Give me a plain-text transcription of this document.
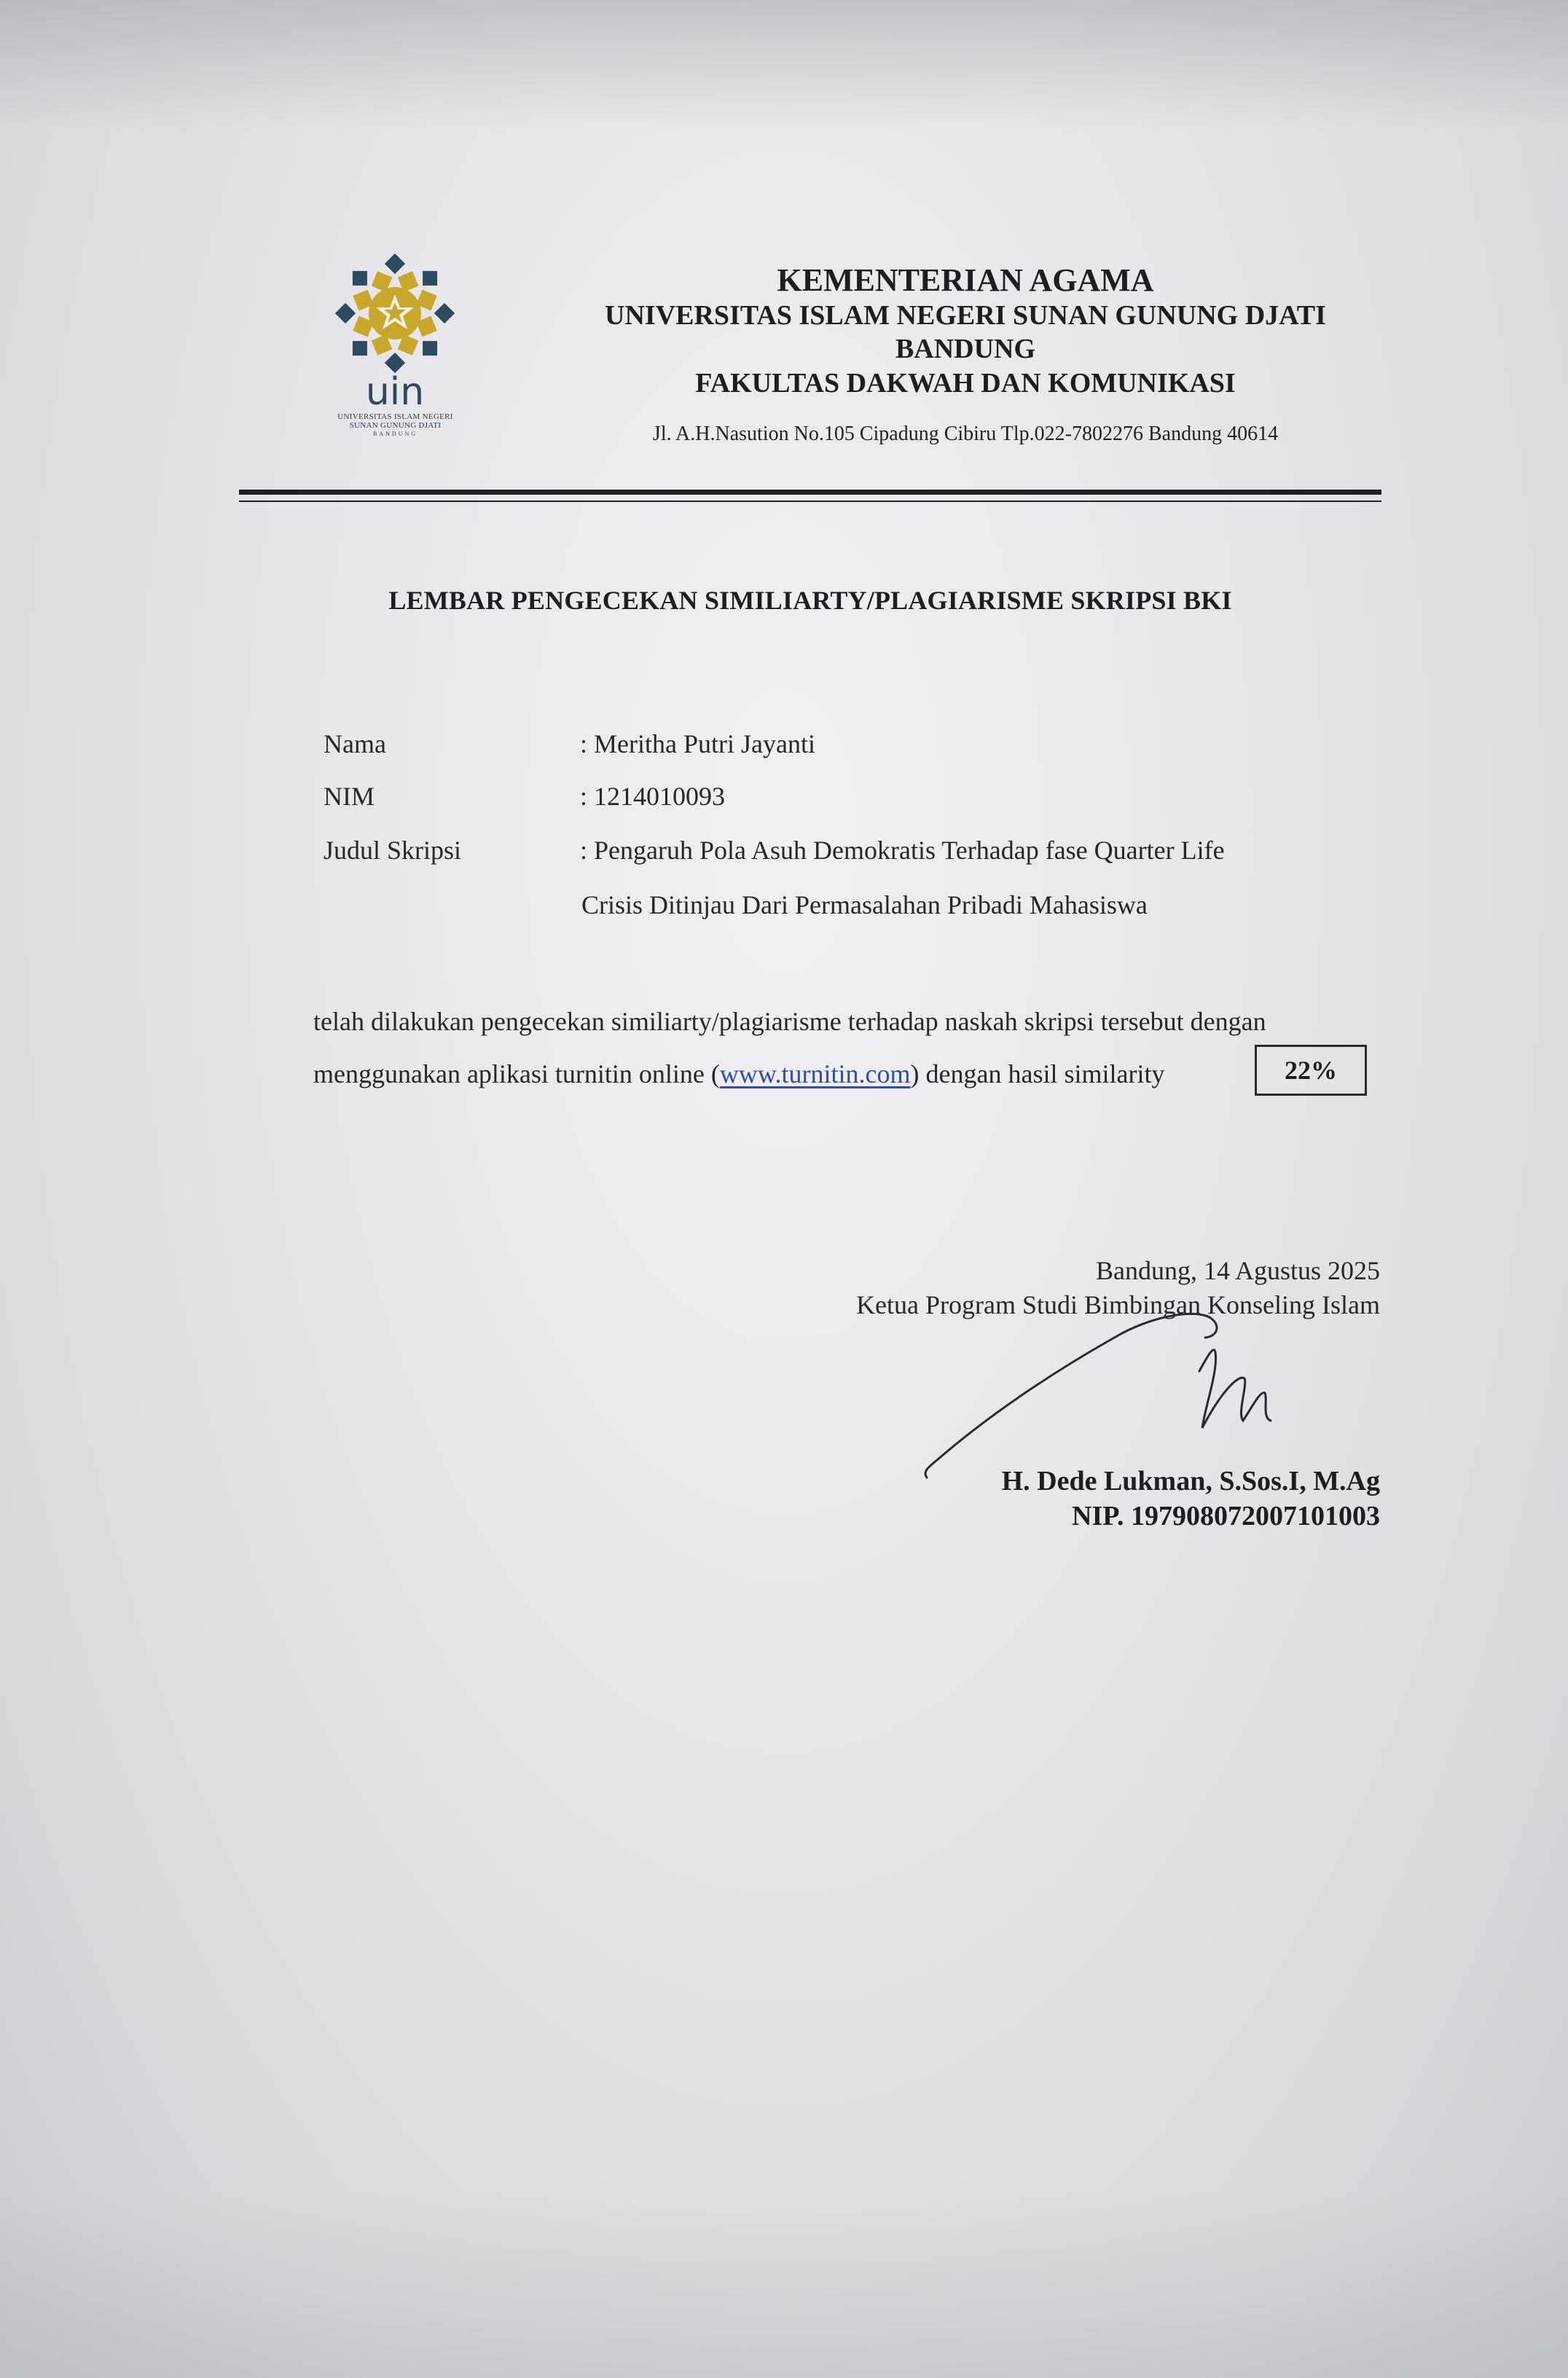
uin
UNIVERSITAS ISLAM NEGERI
SUNAN GUNUNG DJATI
BANDUNG
KEMENTERIAN AGAMA
UNIVERSITAS ISLAM NEGERI SUNAN GUNUNG DJATI
BANDUNG
FAKULTAS DAKWAH DAN KOMUNIKASI
Jl. A.H.Nasution No.105 Cipadung Cibiru Tlp.022-7802276 Bandung 40614
LEMBAR PENGECEKAN SIMILIARTY/PLAGIARISME SKRIPSI BKI
Nama	: Meritha Putri Jayanti
NIM	: 1214010093
Judul Skripsi	: Pengaruh Pola Asuh Demokratis Terhadap fase Quarter Life
Crisis Ditinjau Dari Permasalahan Pribadi Mahasiswa
telah dilakukan pengecekan similiarty/plagiarisme terhadap naskah skripsi tersebut dengan
menggunakan aplikasi turnitin online (www.turnitin.com) dengan hasil similarity	22%
Bandung, 14 Agustus 2025
Ketua Program Studi Bimbingan Konseling Islam
H. Dede Lukman, S.Sos.I, M.Ag
NIP. 197908072007101003
